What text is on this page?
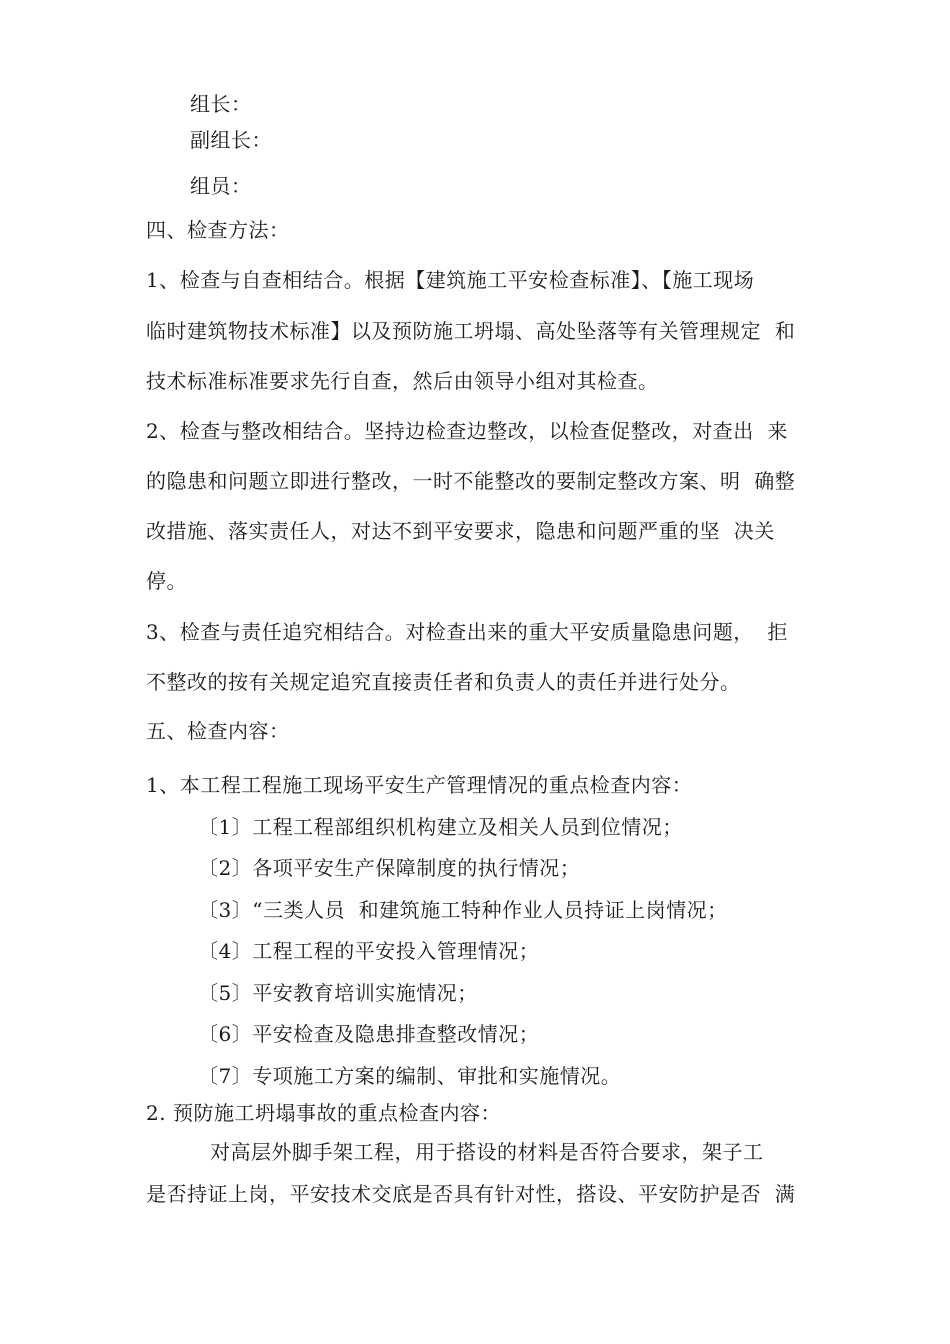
组长：
副组长：
组员：
四、检查方法：
1、检查与自查相结合。根据【建筑施工平安检查标准】、【施工现场
临时建筑物技术标准】以及预防施工坍塌、高处坠落等有关管理规定  和
技术标准标准要求先行自查，然后由领导小组对其检查。
2、检查与整改相结合。坚持边检查边整改，以检查促整改，对查出  来
的隐患和问题立即进行整改，一时不能整改的要制定整改方案、明  确整
改措施、落实责任人，对达不到平安要求，隐患和问题严重的坚  决关
停。
3、检查与责任追究相结合。对检查出来的重大平安质量隐患问题，  拒
不整改的按有关规定追究直接责任者和负责人的责任并进行处分。
五、检查内容：
1、本工程工程施工现场平安生产管理情况的重点检查内容：
〔1〕工程工程部组织机构建立及相关人员到位情况；
〔2〕各项平安生产保障制度的执行情况；
〔3〕“三类人员  和建筑施工特种作业人员持证上岗情况；
〔4〕工程工程的平安投入管理情况；
〔5〕平安教育培训实施情况；
〔6〕平安检查及隐患排查整改情况；
〔7〕专项施工方案的编制、审批和实施情况。
2. 预防施工坍塌事故的重点检查内容：
对高层外脚手架工程，用于搭设的材料是否符合要求，架子工
是否持证上岗，平安技术交底是否具有针对性，搭设、平安防护是否  满
